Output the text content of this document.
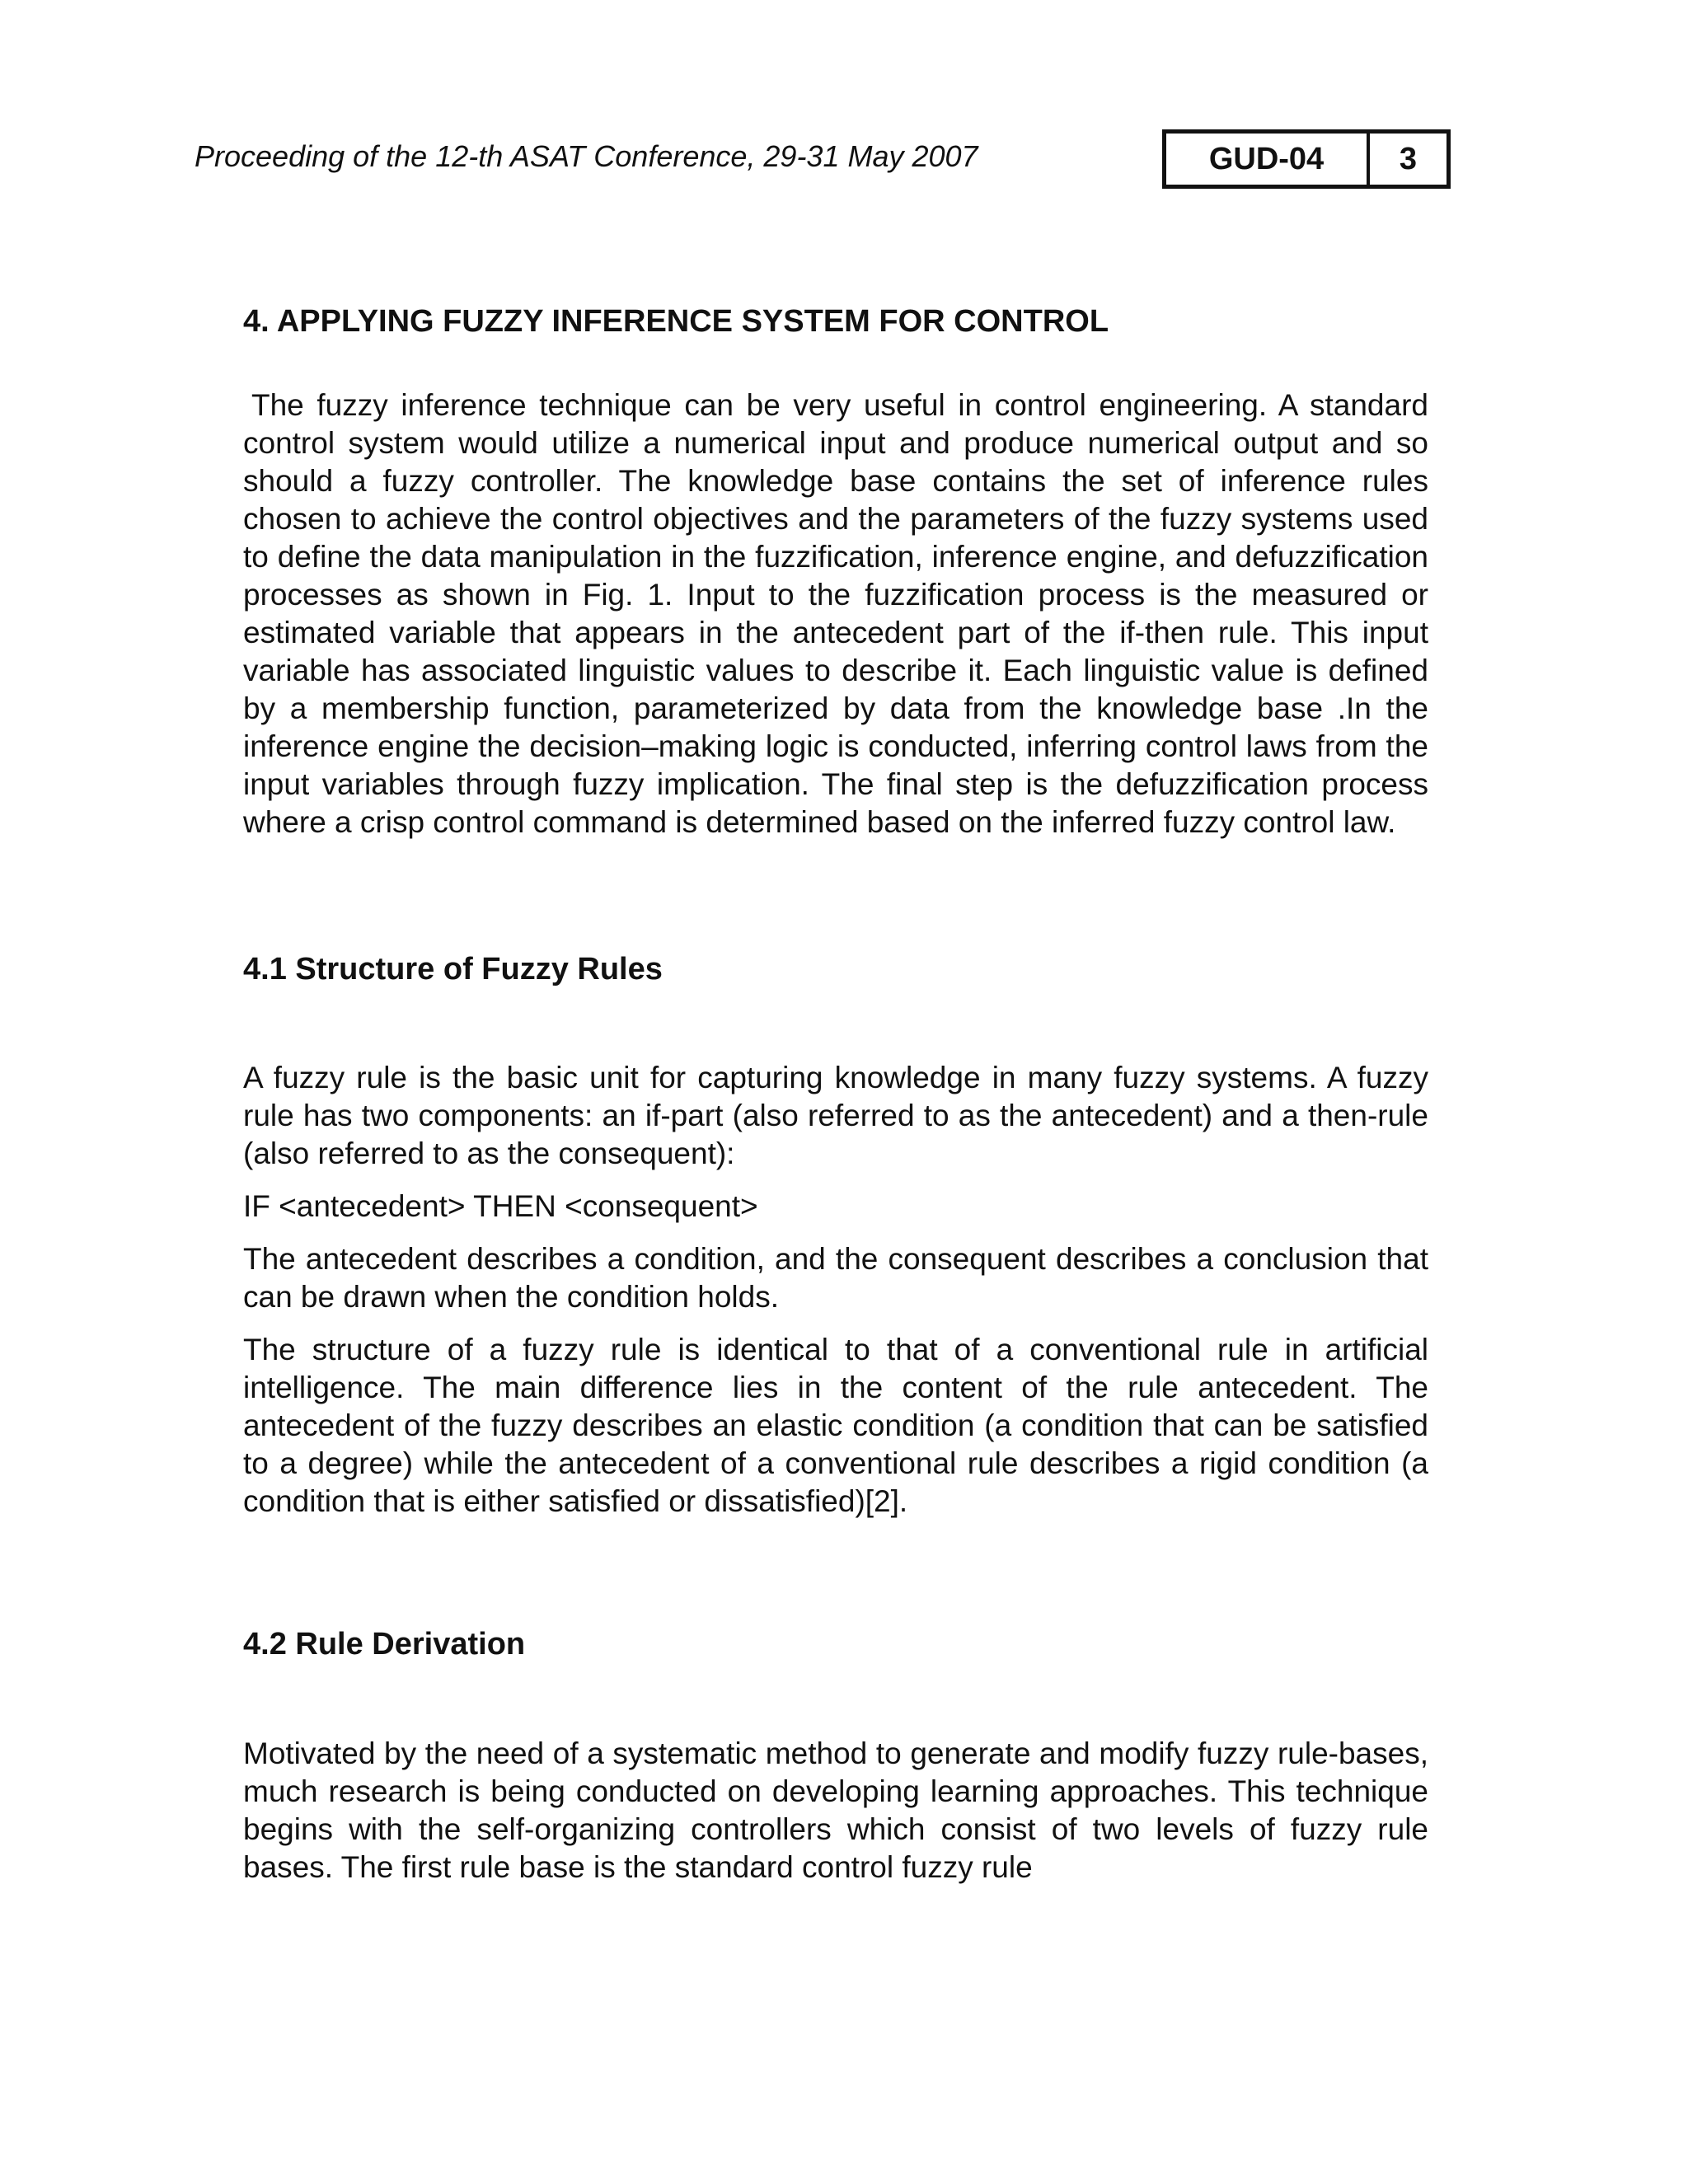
Proceeding of the 12-th ASAT Conference, 29-31 May 2007	GUD-04	3
4. APPLYING FUZZY INFERENCE SYSTEM FOR CONTROL

The fuzzy inference technique can be very useful in control engineering. A standard control system would utilize a numerical input and produce numerical output and so should a fuzzy controller. The knowledge base contains the set of inference rules chosen to achieve the control objectives and the parameters of the fuzzy systems used to define the data manipulation in the fuzzification, inference engine, and defuzzification processes as shown in Fig. 1. Input to the fuzzification process is the measured or estimated variable that appears in the antecedent part of the if-then rule. This input variable has associated linguistic values to describe it. Each linguistic value is defined by a membership function, parameterized by data from the knowledge base .In the inference engine the decision–making logic is conducted, inferring control laws from the input variables through fuzzy implication. The final step is the defuzzification process where a crisp control command is determined based on the inferred fuzzy control law.

4.1 Structure of Fuzzy Rules

A fuzzy rule is the basic unit for capturing knowledge in many fuzzy systems. A fuzzy rule has two components: an if-part (also referred to as the antecedent) and a then-rule (also referred to as the consequent):

IF <antecedent> THEN <consequent>

The antecedent describes a condition, and the consequent describes a conclusion that can be drawn when the condition holds.

The structure of a fuzzy rule is identical to that of a conventional rule in artificial intelligence. The main difference lies in the content of the rule antecedent. The antecedent of the fuzzy describes an elastic condition (a condition that can be satisfied to a degree) while the antecedent of a conventional rule describes a rigid condition (a condition that is either satisfied or dissatisfied)[2].

4.2 Rule Derivation

Motivated by the need of a systematic method to generate and modify fuzzy rule-bases, much research is being conducted on developing learning approaches. This technique begins with the self-organizing controllers which consist of two levels of fuzzy rule bases. The first rule base is the standard control fuzzy rule
